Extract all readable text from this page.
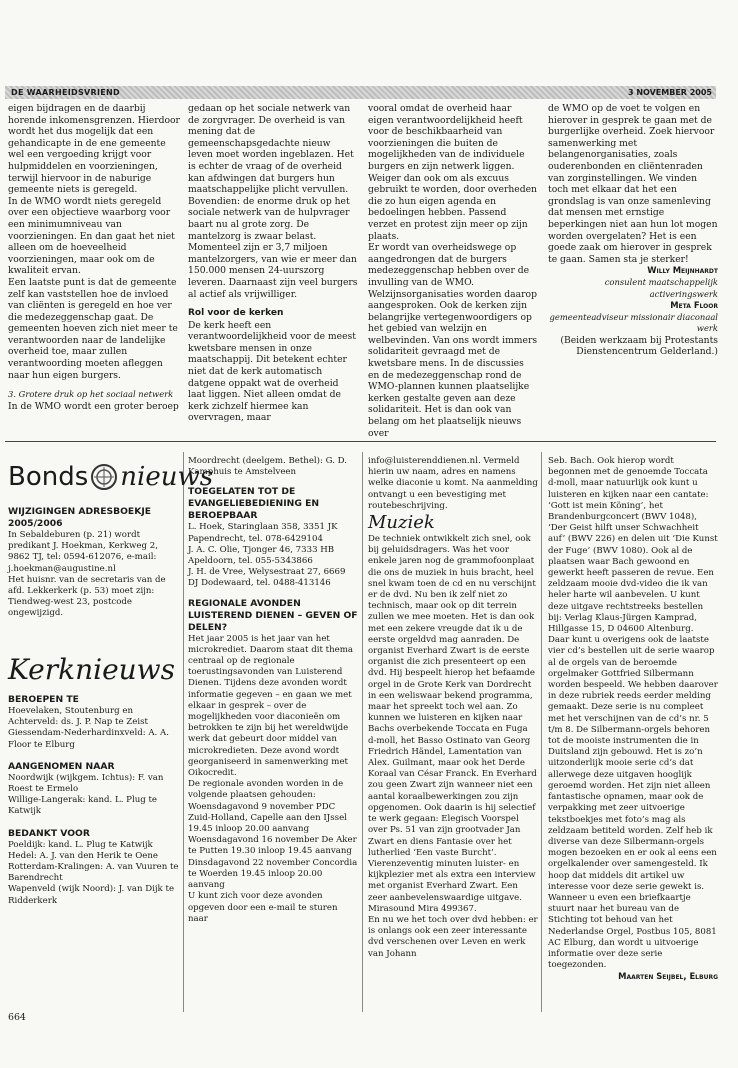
DE WAARHEIDSVRIEND	3 NOVEMBER 2005

eigen bijdragen en de daarbij horende inkomensgrenzen. Hierdoor wordt het dus mogelijk dat een gehandicapte in de ene gemeente wel een vergoeding krijgt voor hulpmiddelen en voorzieningen, terwijl hiervoor in de naburige gemeente niets is geregeld.

In de WMO wordt niets geregeld over een objectieve waarborg voor een minimumniveau van voorzieningen. En dan gaat het niet alleen om de hoeveelheid voorzieningen, maar ook om de kwaliteit ervan.

Een laatste punt is dat de gemeente zelf kan vaststellen hoe de invloed van cliënten is geregeld en hoe ver die medezeggenschap gaat. De gemeenten hoeven zich niet meer te verantwoorden naar de landelijke overheid toe, maar zullen verantwoording moeten afleggen naar hun eigen burgers.

3. Grotere druk op het sociaal netwerk

In de WMO wordt een groter beroep

gedaan op het sociale netwerk van de zorgvrager. De overheid is van mening dat de gemeenschapsgedachte nieuw leven moet worden ingeblazen. Het is echter de vraag of de overheid kan afdwingen dat burgers hun maatschappelijke plicht vervullen. Bovendien: de enorme druk op het sociale netwerk van de hulpvrager baart nu al grote zorg. De mantelzorg is zwaar belast. Momenteel zijn er 3,7 miljoen mantelzorgers, van wie er meer dan 150.000 mensen 24-uurszorg leveren. Daarnaast zijn veel burgers al actief als vrijwilliger.

Rol voor de kerken

De kerk heeft een verantwoordelijkheid voor de meest kwetsbare mensen in onze maatschappij. Dit betekent echter niet dat de kerk automatisch datgene oppakt wat de overheid laat liggen. Niet alleen omdat de kerk zichzelf hiermee kan overvragen, maar

vooral omdat de overheid haar eigen verantwoordelijkheid heeft voor de beschikbaarheid van voorzieningen die buiten de mogelijkheden van de individuele burgers en zijn netwerk liggen. Weiger dan ook om als excuus gebruikt te worden, door overheden die zo hun eigen agenda en bedoelingen hebben. Passend verzet en protest zijn meer op zijn plaats.

Er wordt van overheidswege op aangedrongen dat de burgers medezeggenschap hebben over de invulling van de WMO. Welzijnsorganisaties worden daarop aangesproken. Ook de kerken zijn belangrijke vertegenwoordigers op het gebied van welzijn en welbevinden. Van ons wordt immers solidariteit gevraagd met de kwetsbare mens. In de discussies en de medezeggenschap rond de WMO-plannen kunnen plaatselijke kerken gestalte geven aan deze solidariteit. Het is dan ook van belang om het plaatselijk nieuws over

de WMO op de voet te volgen en hierover in gesprek te gaan met de burgerlijke overheid. Zoek hiervoor samenwerking met belangenorganisaties, zoals ouderenbonden en cliëntenraden van zorginstellingen. We vinden toch met elkaar dat het een grondslag is van onze samenleving dat mensen met ernstige beperkingen niet aan hun lot mogen worden overgelaten? Het is een goede zaak om hierover in gesprek te gaan. Samen sta je sterker!

Willy Meijnhardt

consulent maatschappelijk activeringswerk

Meta Floor

gemeenteadviseur missionair diaconaal werk

(Beiden werkzaam bij Protestants Dienstencentrum Gelderland.)

Bonds nieuws

WIJZIGINGEN ADRESBOEKJE 2005/2006

In Sebaldeburen (p. 21) wordt predikant J. Hoekman, Kerkweg 2, 9862 TJ, tel: 0594-612076, e-mail: j.hoekman@augustine.nl

Het huisnr. van de secretaris van de afd. Lekkerkerk (p. 53) moet zijn: Tiendweg-west 23, postcode ongewijzigd.

Kerknieuws

BEROEPEN TE

Hoevelaken, Stoutenburg en Achterveld: ds. J. P. Nap te Zeist

Giessendam-Nederhardinxveld: A. A. Floor te Elburg

AANGENOMEN NAAR

Noordwijk (wijkgem. Ichtus): F. van Roest te Ermelo

Willige-Langerak: kand. L. Plug te Katwijk

BEDANKT VOOR

Poeldijk: kand. L. Plug te Katwijk

Hedel: A. J. van den Herik te Oene

Rotterdam-Kralingen: A. van Vuuren te Barendrecht

Wapenveld (wijk Noord): J. van Dijk te Ridderkerk

664

Moordrecht (deelgem. Bethel): G. D. Kamphuis te Amstelveen

TOEGELATEN TOT DE EVANGELIEBEDIENING EN BEROEPBAAR

L. Hoek, Staringlaan 358, 3351 JK Papendrecht, tel. 078-6429104

J. A. C. Olie, Tjonger 46, 7333 HB Apeldoorn, tel. 055-5343866

J. H. de Vree, Welysestraat 27, 6669 DJ Dodewaard, tel. 0488-413146

REGIONALE AVONDEN LUISTEREND DIENEN – GEVEN OF DELEN?

Het jaar 2005 is het jaar van het microkrediet. Daarom staat dit thema centraal op de regionale toerustingsavonden van Luisterend Dienen. Tijdens deze avonden wordt informatie gegeven – en gaan we met elkaar in gesprek – over de mogelijkheden voor diaconieën om betrokken te zijn bij het wereldwijde werk dat gebeurt door middel van microkredieten. Deze avond wordt georganiseerd in samenwerking met Oikocredit.

De regionale avonden worden in de volgende plaatsen gehouden:

Woensdagavond 9 november PDC Zuid-Holland, Capelle aan den IJssel 19.45 inloop 20.00 aanvang

Woensdagavond 16 november De Aker te Putten 19.30 inloop 19.45 aanvang

Dinsdagavond 22 november Concordia te Woerden 19.45 inloop 20.00 aanvang

U kunt zich voor deze avonden opgeven door een e-mail te sturen naar

info@luisterenddienen.nl. Vermeld hierin uw naam, adres en namens welke diaconie u komt. Na aanmelding ontvangt u een bevestiging met routebeschrijving.

Muziek

De techniek ontwikkelt zich snel, ook bij geluidsdragers. Was het voor enkele jaren nog de grammofoonplaat die ons de muziek in huis bracht, heel snel kwam toen de cd en nu verschijnt er de dvd. Nu ben ik zelf niet zo technisch, maar ook op dit terrein zullen we mee moeten. Het is dan ook met een zekere vreugde dat ik u de eerste orgeldvd mag aanraden. De organist Everhard Zwart is de eerste organist die zich presenteert op een dvd. Hij bespeelt hierop het befaamde orgel in de Grote Kerk van Dordrecht in een weliswaar bekend programma, maar het spreekt toch wel aan. Zo kunnen we luisteren en kijken naar Bachs overbekende Toccata en Fuga d-moll, het Basso Ostinato van Georg Friedrich Händel, Lamentation van Alex. Guilmant, maar ook het Derde Koraal van César Franck. En Everhard zou geen Zwart zijn wanneer niet een aantal koraalbewerkingen zou zijn opgenomen. Ook daarin is hij selectief te werk gegaan: Elegisch Voorspel over Ps. 51 van zijn grootvader Jan Zwart en diens Fantasie over het lutherlied ‘Een vaste Burcht’. Vierenzeventig minuten luister- en kijkplezier met als extra een interview met organist Everhard Zwart. Een zeer aanbevelenswaardige uitgave. Mirasound Mira 499367.

En nu we het toch over dvd hebben: er is onlangs ook een zeer interessante dvd verschenen over Leven en werk van Johann

Seb. Bach. Ook hierop wordt begonnen met de genoemde Toccata d-moll, maar natuurlijk ook kunt u luisteren en kijken naar een cantate: ‘Gott ist mein Köning’, het Brandenburgconcert (BWV 1048), ‘Der Geist hilft unser Schwachheit auf’ (BWV 226) en delen uit ‘Die Kunst der Fuge’ (BWV 1080). Ook al de plaatsen waar Bach gewoond en gewerkt heeft passeren de revue. Een zeldzaam mooie dvd-video die ik van heler harte wil aanbevelen. U kunt deze uitgave rechtstreeks bestellen bij: Verlag Klaus-Jürgen Kamprad, Hillgasse 15, D 04600 Altenburg.

Daar kunt u overigens ook de laatste vier cd’s bestellen uit de serie waarop al de orgels van de beroemde orgelmaker Gottfried Silbermann worden bespeeld. We hebben daarover in deze rubriek reeds eerder melding gemaakt. Deze serie is nu compleet met het verschijnen van de cd’s nr. 5 t/m 8. De Silbermann-orgels behoren tot de mooiste instrumenten die in Duitsland zijn gebouwd. Het is zo’n uitzonderlijk mooie serie cd’s dat allerwege deze uitgaven hooglijk geroemd worden. Het zijn niet alleen fantastische opnamen, maar ook de verpakking met zeer uitvoerige tekstboekjes met foto’s mag als zeldzaam betiteld worden. Zelf heb ik diverse van deze Silbermann-orgels mogen bezoeken en er ook al eens een orgelkalender over samengesteld. Ik hoop dat middels dit artikel uw interesse voor deze serie gewekt is. Wanneer u even een briefkaartje stuurt naar het bureau van de Stichting tot behoud van het Nederlandse Orgel, Postbus 105, 8081 AC Elburg, dan wordt u uitvoerige informatie over deze serie toegezonden.

Maarten Seijbel, Elburg
